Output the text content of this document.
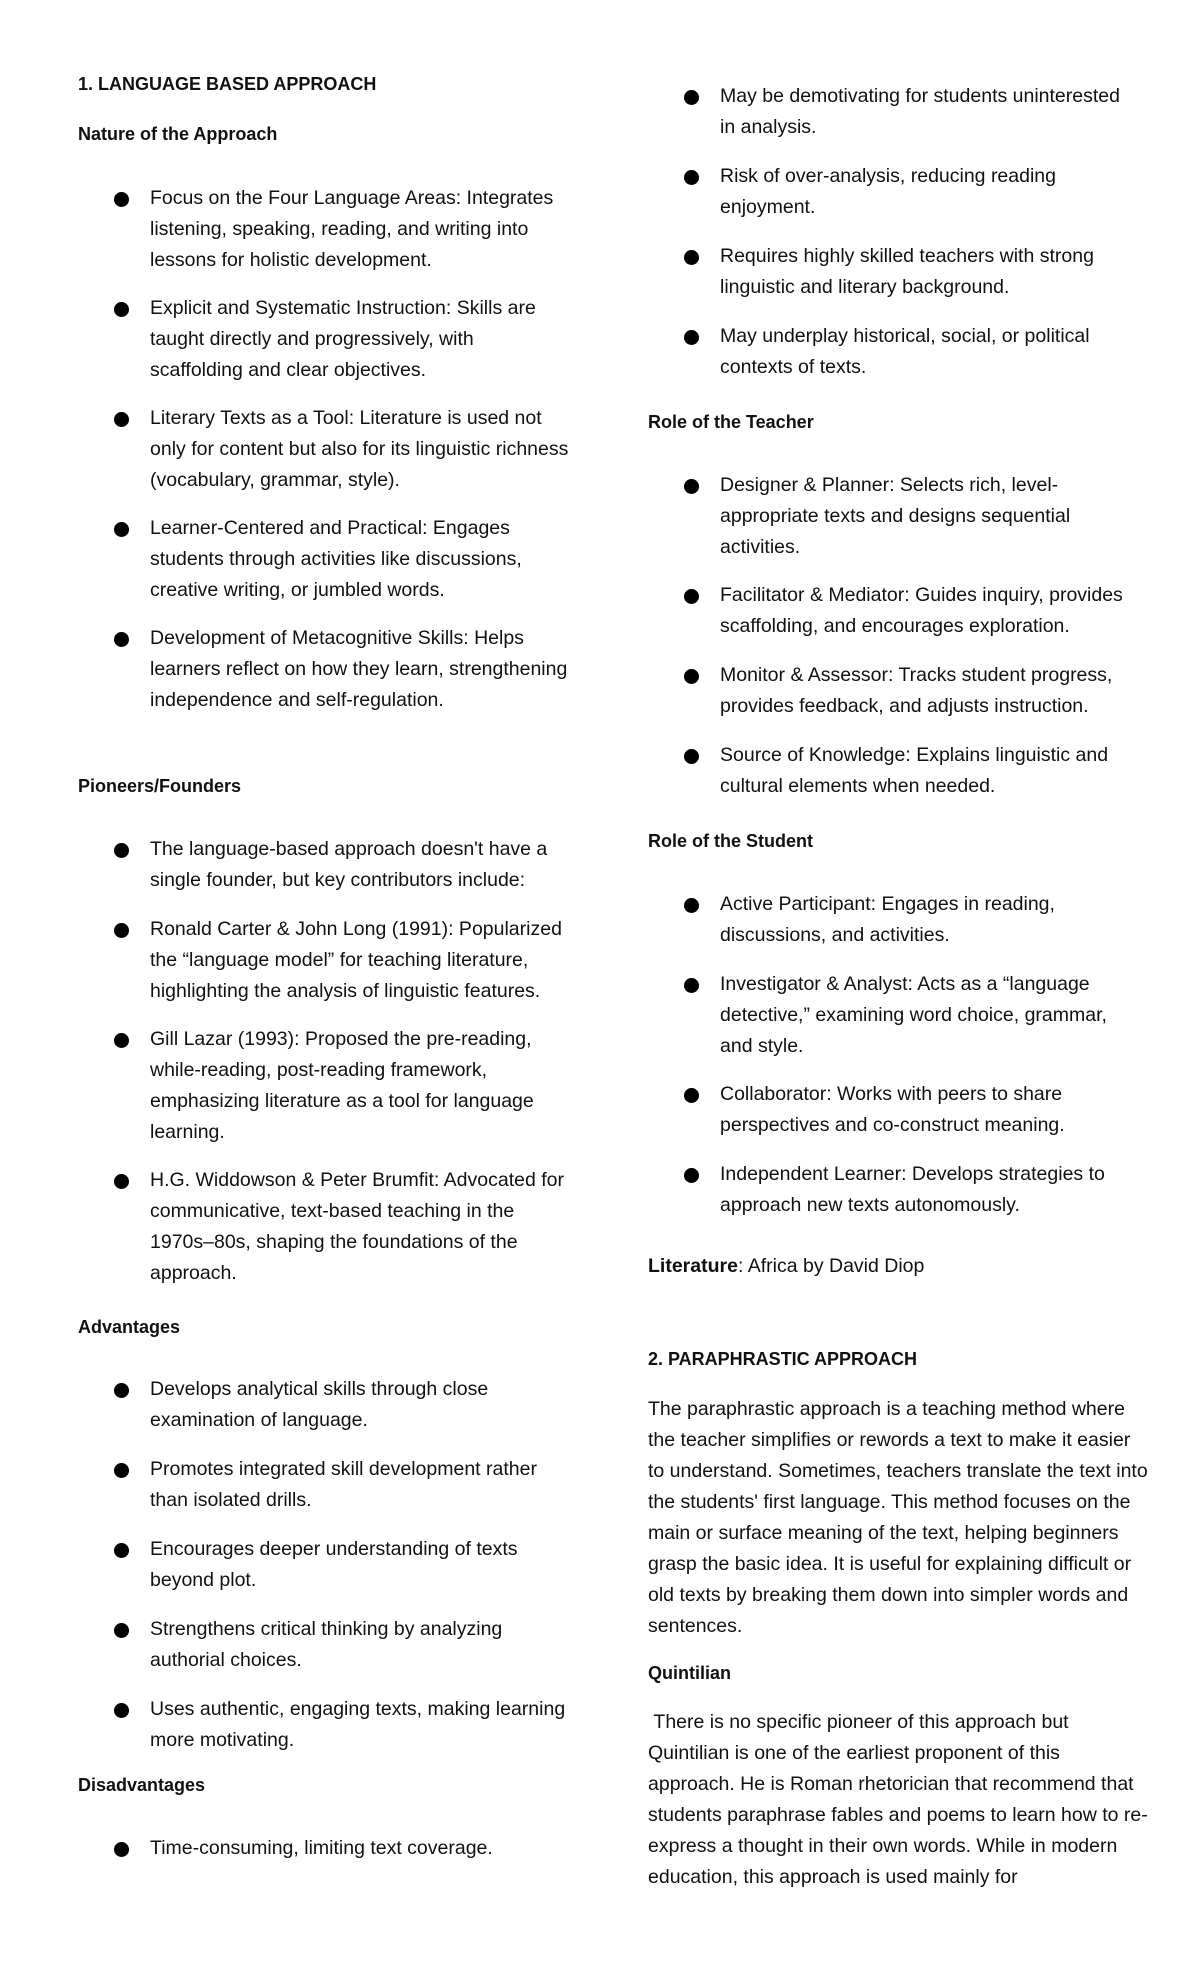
1. LANGUAGE BASED APPROACH
Nature of the Approach
Focus on the Four Language Areas: Integrates listening, speaking, reading, and writing into lessons for holistic development.
Explicit and Systematic Instruction: Skills are taught directly and progressively, with scaffolding and clear objectives.
Literary Texts as a Tool: Literature is used not only for content but also for its linguistic richness (vocabulary, grammar, style).
Learner-Centered and Practical: Engages students through activities like discussions, creative writing, or jumbled words.
Development of Metacognitive Skills: Helps learners reflect on how they learn, strengthening independence and self-regulation.
Pioneers/Founders
The language-based approach doesn't have a single founder, but key contributors include:
Ronald Carter & John Long (1991): Popularized the “language model” for teaching literature, highlighting the analysis of linguistic features.
Gill Lazar (1993): Proposed the pre-reading, while-reading, post-reading framework, emphasizing literature as a tool for language learning.
H.G. Widdowson & Peter Brumfit: Advocated for communicative, text-based teaching in the 1970s–80s, shaping the foundations of the approach.
Advantages
Develops analytical skills through close examination of language.
Promotes integrated skill development rather than isolated drills.
Encourages deeper understanding of texts beyond plot.
Strengthens critical thinking by analyzing authorial choices.
Uses authentic, engaging texts, making learning more motivating.
Disadvantages
Time-consuming, limiting text coverage.
May be demotivating for students uninterested in analysis.
Risk of over-analysis, reducing reading enjoyment.
Requires highly skilled teachers with strong linguistic and literary background.
May underplay historical, social, or political contexts of texts.
Role of the Teacher
Designer & Planner: Selects rich, level-appropriate texts and designs sequential activities.
Facilitator & Mediator: Guides inquiry, provides scaffolding, and encourages exploration.
Monitor & Assessor: Tracks student progress, provides feedback, and adjusts instruction.
Source of Knowledge: Explains linguistic and cultural elements when needed.
Role of the Student
Active Participant: Engages in reading, discussions, and activities.
Investigator & Analyst: Acts as a “language detective,” examining word choice, grammar, and style.
Collaborator: Works with peers to share perspectives and co-construct meaning.
Independent Learner: Develops strategies to approach new texts autonomously.
Literature: Africa by David Diop
2. PARAPHRASTIC APPROACH
The paraphrastic approach is a teaching method where the teacher simplifies or rewords a text to make it easier to understand. Sometimes, teachers translate the text into the students' first language. This method focuses on the main or surface meaning of the text, helping beginners grasp the basic idea. It is useful for explaining difficult or old texts by breaking them down into simpler words and sentences.
Quintilian
There is no specific pioneer of this approach but Quintilian is one of the earliest proponent of this approach. He is Roman rhetorician that recommend that students paraphrase fables and poems to learn how to re-express a thought in their own words. While in modern education, this approach is used mainly for
